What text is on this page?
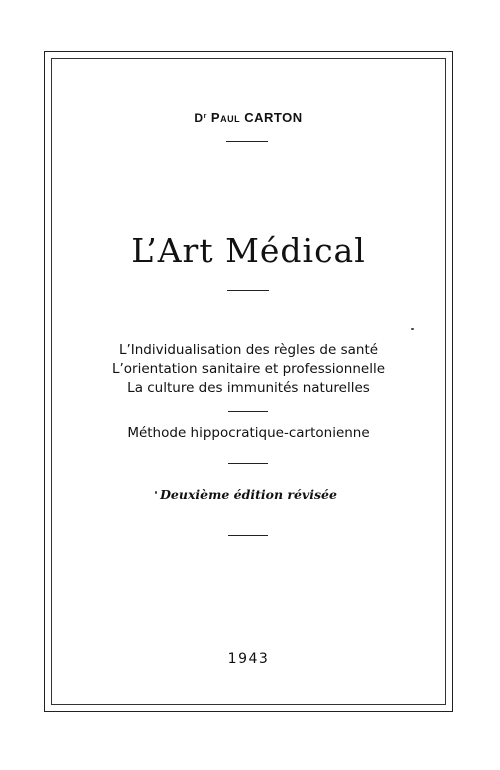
$D^r$ Paul CARTON
L’Art Médical
L’Individualisation des règles de santé
L’orientation sanitaire et professionnelle
La culture des immunités naturelles
Méthode hippocratique-cartonienne
Deuxième édition révisée
1943
